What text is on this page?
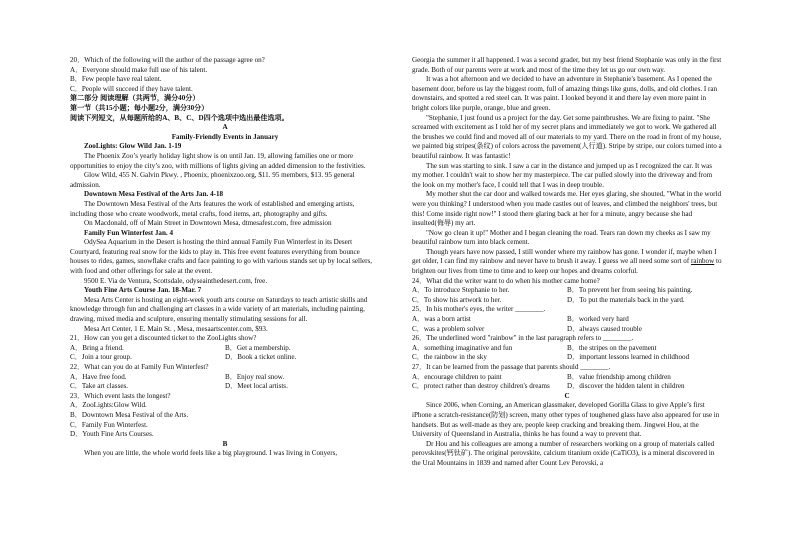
20．Which of the following will the author of the passage agree on?

A．Everyone should make full use of his talent.

B．Few people have real talent.

C．People will succeed if they have talent.

第二部分 阅读理解（共两节，满分40分）

第一节（共15小题；每小题2分，满分30分）

阅读下列短文，从每题所给的A、B、C、D四个选项中选出最佳选项。

A

Family-Friendly Events in January

ZooLights: Glow Wild Jan. 1-19

The Phoenix Zoo’s yearly holiday light show is on until Jan. 19, allowing families one or more opportunities to enjoy the city’s zoo, with millions of lights giving an added dimension to the festivities.

Glow Wild, 455 N. Galvin Pkwy. , Phoenix, phoenixzoo.org, $11. 95 members, $13. 95 general admission.

Downtown Mesa Festival of the Arts Jan. 4-18

The Downtown Mesa Festival of the Arts features the work of established and emerging artists, including those who create woodwork, metal crafts, food items, art, photography and gifts.

On Macdonald, off of Main Street in Downtown Mesa, dtmesafest.com, free admission

Family Fun Winterfest Jan. 4

OdySea Aquarium in the Desert is hosting the third annual Family Fun Winterfest in its Desert Courtyard, featuring real snow for the kids to play in. This free event features everything from bounce houses to rides, games, snowflake crafts and face painting to go with various stands set up by local sellers, with food and other offerings for sale at the event.

9500 E. Via de Ventura, Scottsdale, odyseainthedesert.com, free.

Youth Fine Arts Course Jan. 18-Mar. 7

Mesa Arts Center is hosting an eight-week youth arts course on Saturdays to teach artistic skills and knowledge through fun and challenging art classes in a wide variety of art materials, including painting, drawing, mixed media and sculpture, ensuring mentally stimulating sessions for all.

Mesa Art Center, 1 E. Main St. , Mesa, mesaartscenter.com, $93.

21．How can you get a discounted ticket to the ZooLights show?

A．Bring a friend.	B．Get a membership.
C．Join a tour group.	D．Book a ticket online.

22．What can you do at Family Fun Winterfest?

A．Have free food.	B．Enjoy real snow.
C．Take art classes.	D．Meet local artists.

23．Which event lasts the longest?

A．ZooLights:Glow Wild.

B．Downtown Mesa Festival of the Arts.

C．Family Fun Winterfest.

D．Youth Fine Arts Courses.

B

When you are little, the whole world feels like a big playground. I was living in Conyers,

Georgia the summer it all happened. I was a second grader, but my best friend Stephanie was only in the first grade. Both of our parents were at work and most of the time they let us go our own way.

It was a hot afternoon and we decided to have an adventure in Stephanie's basement. As I opened the basement door, before us lay the biggest room, full of amazing things like guns, dolls, and old clothes. I ran downstairs, and spotted a red steel can. It was paint. I looked beyond it and there lay even more paint in bright colors like purple, orange, blue and green.

"Stephanie, I just found us a project for the day. Get some paintbrushes. We are fixing to paint. "She screamed with excitement as I told her of my secret plans and immediately we got to work. We gathered all the brushes we could find and moved all of our materials to my yard. There on the road in front of my house, we painted big stripes(条纹) of colors across the pavement(人行道). Stripe by stripe, our colors turned into a beautiful rainbow. It was fantastic!

The sun was starting to sink. I saw a car in the distance and jumped up as I recognized the car. It was my mother. I couldn't wait to show her my masterpiece. The car pulled slowly into the driveway and from the look on my mother's face, I could tell that I was in deep trouble.

My mother shut the car door and walked towards me. Her eyes glaring, she shouted, "What in the world were you thinking? I understood when you made castles out of leaves, and climbed the neighbors' trees, but this! Come inside right now!" I stood there glaring back at her for a minute, angry because she had insulted(侮辱) my art.

"Now go clean it up!" Mother and I began cleaning the road. Tears ran down my cheeks as I saw my beautiful rainbow turn into black cement.

Though years have now passed, I still wonder where my rainbow has gone. I wonder if, maybe when I get older, I can find my rainbow and never have to brush it away. I guess we all need some sort of rainbow to brighten our lives from time to time and to keep our hopes and dreams colorful.

24．What did the writer want to do when his mother came home?

A．To introduce Stephanie to her.	B．To prevent her from seeing his painting.
C．To show his artwork to her.	D．To put the materials back in the yard.

25．In his mother's eyes, the writer ________.

A．was a born artist	B．worked very hard
C．was a problem solver	D．always caused trouble

26．The underlined word "rainbow" in the last paragraph refers to ________.

A．something imaginative and fun	B．the stripes on the pavement
C．the rainbow in the sky	D．important lessons learned in childhood

27．It can be learned from the passage that parents should ________.

A．encourage children to paint	B．value friendship among children
C．protect rather than destroy children's dreams	D．discover the hidden talent in children

C

Since 2006, when Corning, an American glassmaker, developed Gorilla Glass to give Apple’s first iPhone a scratch-resistance(防划) screen, many other types of toughened glass have also appeared for use in handsets. But as well-made as they are, people keep cracking and breaking them. Jingwei Hou, at the University of Queensland in Australia, thinks he has found a way to prevent that.

Dr Hou and his colleagues are among a number of researchers working on a group of materials called perovskites(钙钛矿). The original perovskite, calcium titanium oxide (CaTiO3), is a mineral discovered in the Ural Mountains in 1839 and named after Count Lev Perovski, a
